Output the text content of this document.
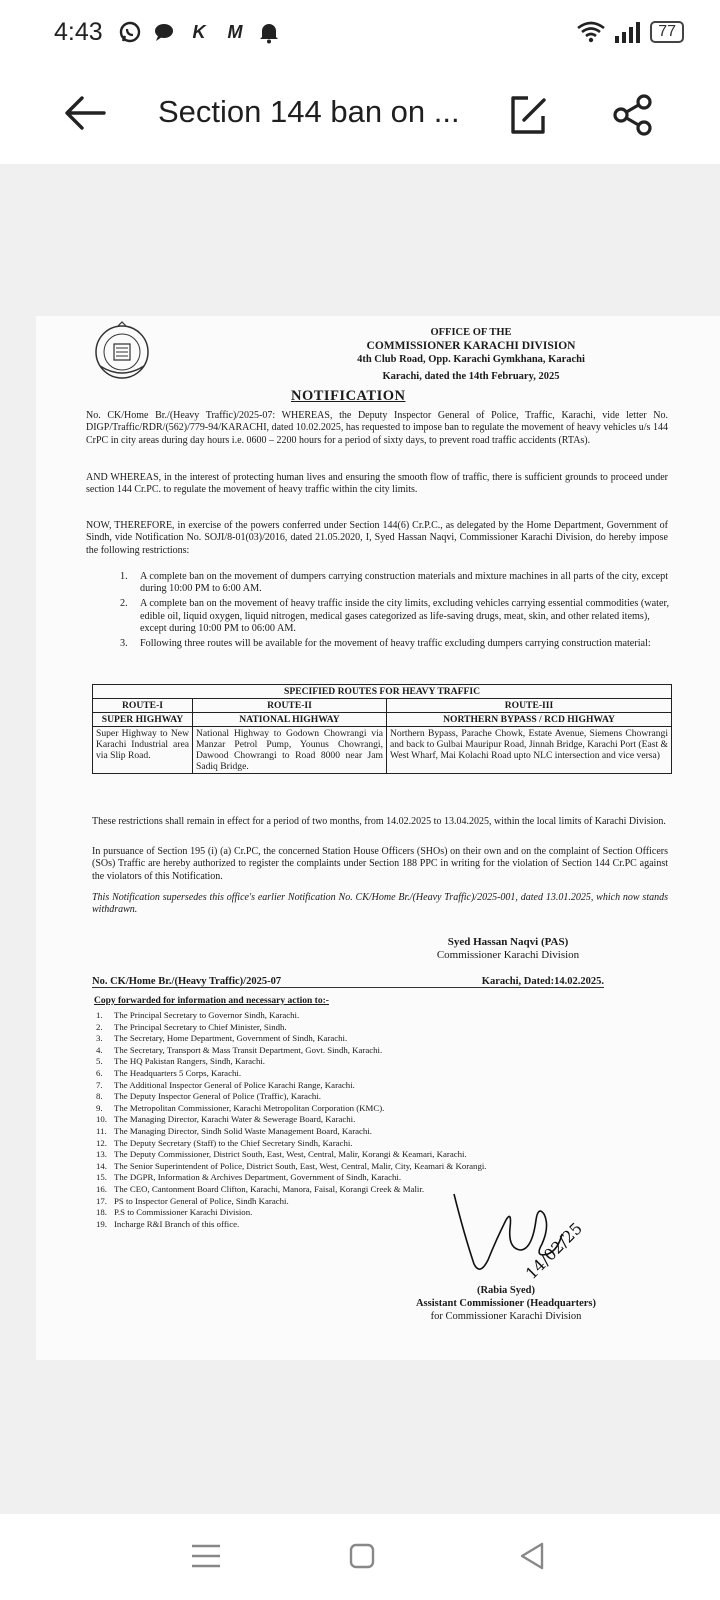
4:43	K	M	77
Section 144 ban on ...
OFFICE OF THE
COMMISSIONER KARACHI DIVISION
4th Club Road, Opp. Karachi Gymkhana, Karachi
Karachi, dated the 14th February, 2025
NOTIFICATION
No. CK/Home Br./(Heavy Traffic)/2025-07: WHEREAS, the Deputy Inspector General of Police, Traffic, Karachi, vide letter No. DIGP/Traffic/RDR/(562)/779-94/KARACHI, dated 10.02.2025, has requested to impose ban to regulate the movement of heavy vehicles u/s 144 CrPC in city areas during day hours i.e. 0600 – 2200 hours for a period of sixty days, to prevent road traffic accidents (RTAs).
AND WHEREAS, in the interest of protecting human lives and ensuring the smooth flow of traffic, there is sufficient grounds to proceed under section 144 Cr.PC. to regulate the movement of heavy traffic within the city limits.
NOW, THEREFORE, in exercise of the powers conferred under Section 144(6) Cr.P.C., as delegated by the Home Department, Government of Sindh, vide Notification No. SOJI/8-01(03)/2016, dated 21.05.2020, I, Syed Hassan Naqvi, Commissioner Karachi Division, do hereby impose the following restrictions:
1.	A complete ban on the movement of dumpers carrying construction materials and mixture machines in all parts of the city, except during 10:00 PM to 6:00 AM.
2.	A complete ban on the movement of heavy traffic inside the city limits, excluding vehicles carrying essential commodities (water, edible oil, liquid oxygen, liquid nitrogen, medical gases categorized as life-saving drugs, meat, skin, and other related items), except during 10:00 PM to 06:00 AM.
3.	Following three routes will be available for the movement of heavy traffic excluding dumpers carrying construction material:
SPECIFIED ROUTES FOR HEAVY TRAFFIC		
ROUTE-I	ROUTE-II	ROUTE-III
SUPER HIGHWAY	NATIONAL HIGHWAY	NORTHERN BYPASS / RCD HIGHWAY
Super Highway to New Karachi Industrial area via Slip Road.	National Highway to Godown Chowrangi via Manzar Petrol Pump, Younus Chowrangi, Dawood Chowrangi to Road 8000 near Jam Sadiq Bridge.	Northern Bypass, Parache Chowk, Estate Avenue, Siemens Chowrangi and back to Gulbai Mauripur Road, Jinnah Bridge, Karachi Port (East & West Wharf, Mai Kolachi Road upto NLC intersection and vice versa)
These restrictions shall remain in effect for a period of two months, from 14.02.2025 to 13.04.2025, within the local limits of Karachi Division.
In pursuance of Section 195 (i) (a) Cr.PC, the concerned Station House Officers (SHOs) on their own and on the complaint of Section Officers (SOs) Traffic are hereby authorized to register the complaints under Section 188 PPC in writing for the violation of Section 144 Cr.PC against the violators of this Notification.
This Notification supersedes this office's earlier Notification No. CK/Home Br./(Heavy Traffic)/2025-001, dated 13.01.2025, which now stands withdrawn.
Syed Hassan Naqvi (PAS)
Commissioner Karachi Division
No. CK/Home Br./(Heavy Traffic)/2025-07	Karachi, Dated:14.02.2025.
Copy forwarded for information and necessary action to:-
1.	The Principal Secretary to Governor Sindh, Karachi.
2.	The Principal Secretary to Chief Minister, Sindh.
3.	The Secretary, Home Department, Government of Sindh, Karachi.
4.	The Secretary, Transport & Mass Transit Department, Govt. Sindh, Karachi.
5.	The HQ Pakistan Rangers, Sindh, Karachi.
6.	The Headquarters 5 Corps, Karachi.
7.	The Additional Inspector General of Police Karachi Range, Karachi.
8.	The Deputy Inspector General of Police (Traffic), Karachi.
9.	The Metropolitan Commissioner, Karachi Metropolitan Corporation (KMC).
10. The Managing Director, Karachi Water & Sewerage Board, Karachi.
11. The Managing Director, Sindh Solid Waste Management Board, Karachi.
12. The Deputy Secretary (Staff) to the Chief Secretary Sindh, Karachi.
13. The Deputy Commissioner, District South, East, West, Central, Malir, Korangi & Keamari, Karachi.
14. The Senior Superintendent of Police, District South, East, West, Central, Malir, City, Keamari & Korangi.
15. The DGPR, Information & Archives Department, Government of Sindh, Karachi.
16. The CEO, Cantonment Board Clifton, Karachi, Manora, Faisal, Korangi Creek & Malir.
17. PS to Inspector General of Police, Sindh Karachi.
18. P.S to Commissioner Karachi Division.
19. Incharge R&I Branch of this office.	14/02/25
(Rabia Syed)
Assistant Commissioner (Headquarters)
for Commissioner Karachi Division
